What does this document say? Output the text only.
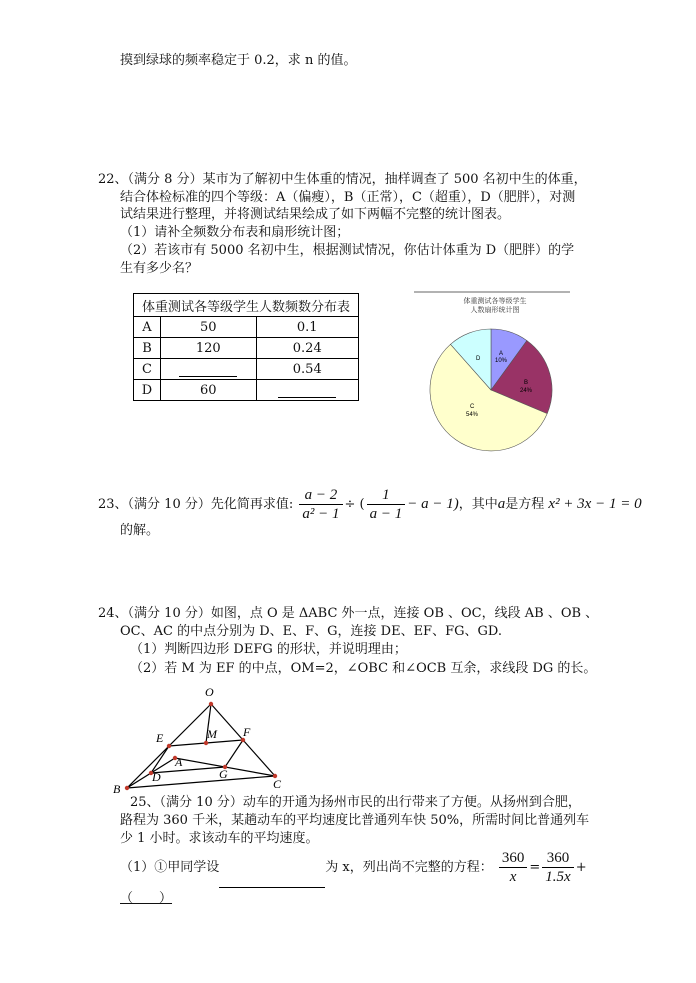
摸到绿球的频率稳定于 0.2，求 n 的值。
22、（满分 8 分）某市为了解初中生体重的情况，抽样调查了 500 名初中生的体重，
结合体检标准的四个等级：A（偏瘦），B（正常），C（超重），D（肥胖），对测
试结果进行整理，并将测试结果绘成了如下两幅不完整的统计图表。
（1）请补全频数分布表和扇形统计图；
（2）若该市有 5000 名初中生，根据测试情况，你估计体重为 D（肥胖）的学
生有多少名？
体重测试各等级学生人数频数分布表		
A	50	0.1
B	120	0.24
C		0.54
D	60	
体重测试各等级学生
人数扇形统计图
A
10%
B
24%
C
54%
D
23、（满分 10 分）先化简再求值: $\frac{a - 2}{\text{a² − 1}}$ ÷ ( $\frac{1}{a - 1} - a - 1$)，其中a是方程 x² + 3x − 1 = 0
的解。
24、（满分 10 分）如图，点 O 是 ΔABC 外一点，连接 OB 、OC，线段 AB 、OB 、
OC、AC 的中点分别为 D、E、F、G，连接 DE、EF、FG、GD.
（1）判断四边形 DEFG 的形状，并说明理由；
（2）若 M 为 EF 的中点，OM=2，∠OBC 和∠OCB 互余，求线段 DG 的长。
O
E	M F
A
D	G
B	C
25、（满分 10 分）动车的开通为扬州市民的出行带来了方便。从扬州到合肥，
路程为 360 千米，某趟动车的平均速度比普通列车快 50%，所需时间比普通列车
少 1 小时。求该动车的平均速度。
（1）①甲同学设	为 x，列出尚不完整的方程： $\frac{360}{x} = \frac{360}{1.5x}$ +
（　　）
